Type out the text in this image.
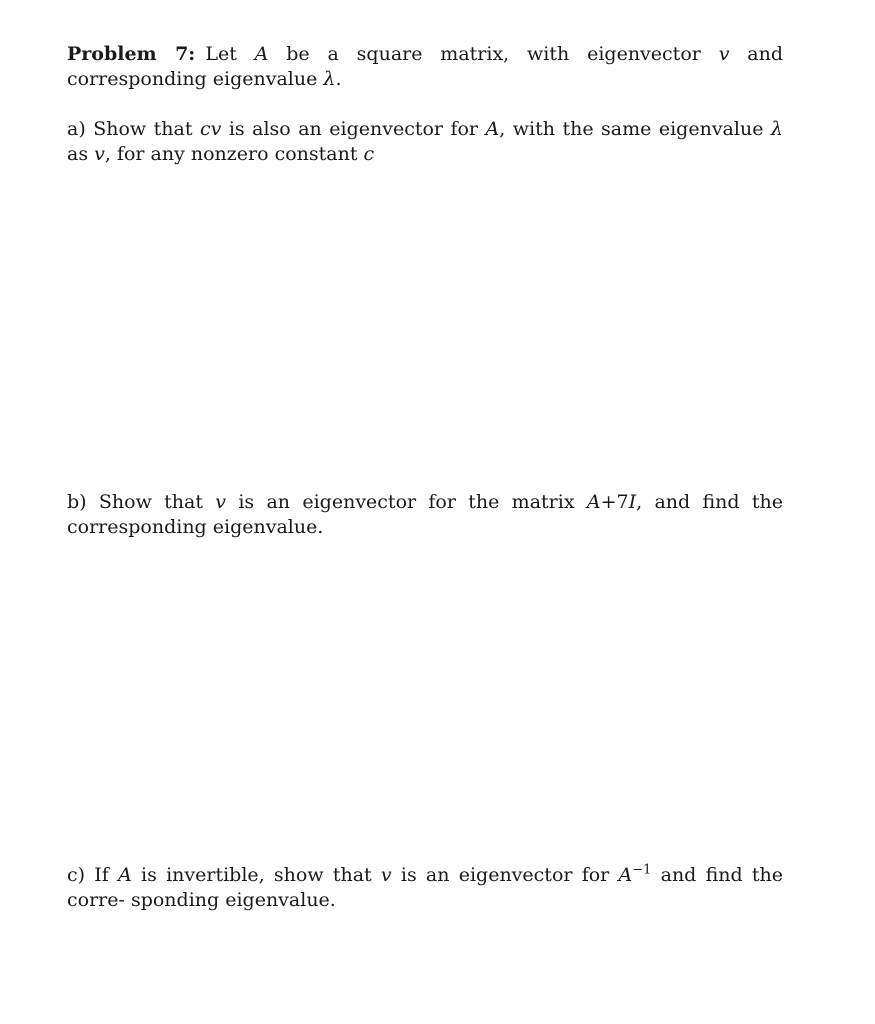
Problem 7: Let A be a square matrix, with eigenvector v and corresponding eigenvalue λ.
a) Show that cv is also an eigenvector for A, with the same eigenvalue λ as v, for any nonzero constant c
b) Show that v is an eigenvector for the matrix A+7I, and find the corresponding eigenvalue.
c) If A is invertible, show that v is an eigenvector for $A^{-1}$ and find the corre- sponding eigenvalue.
